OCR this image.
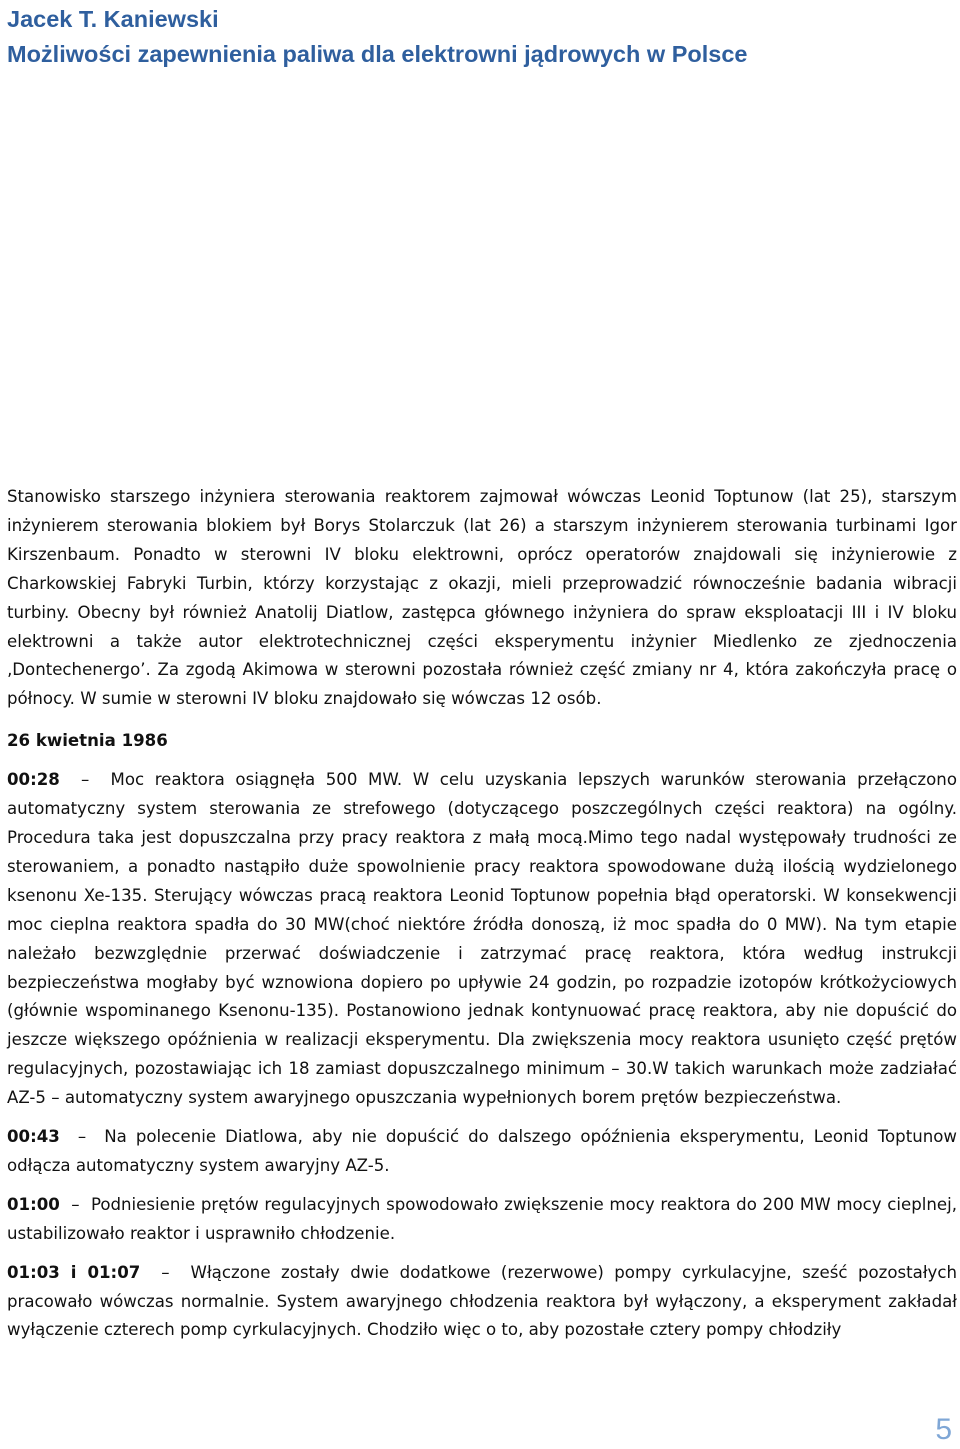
Jacek T. Kaniewski
Możliwości zapewnienia paliwa dla elektrowni jądrowych w Polsce

Stanowisko starszego inżyniera sterowania reaktorem zajmował wówczas Leonid Toptunow (lat 25), starszym inżynierem sterowania blokiem był Borys Stolarczuk (lat 26) a starszym inżynierem sterowania turbinami Igor Kirszenbaum. Ponadto w sterowni IV bloku elektrowni, oprócz operatorów znajdowali się inżynierowie z Charkowskiej Fabryki Turbin, którzy korzystając z okazji, mieli przeprowadzić równocześnie badania wibracji turbiny. Obecny był również Anatolij Diatlow, zastępca głównego inżyniera do spraw eksploatacji III i IV bloku elektrowni a także autor elektrotechnicznej części eksperymentu inżynier Miedlenko ze zjednoczenia ‚Dontechenergo’. Za zgodą Akimowa w sterowni pozostała również część zmiany nr 4, która zakończyła pracę o północy. W sumie w sterowni IV bloku znajdowało się wówczas 12 osób.

26 kwietnia 1986

00:28 – Moc reaktora osiągnęła 500 MW. W celu uzyskania lepszych warunków sterowania przełączono automatyczny system sterowania ze strefowego (dotyczącego poszczególnych części reaktora) na ogólny. Procedura taka jest dopuszczalna przy pracy reaktora z małą mocą.Mimo tego nadal występowały trudności ze sterowaniem, a ponadto nastąpiło duże spowolnienie pracy reaktora spowodowane dużą ilością wydzielonego ksenonu Xe-135. Sterujący wówczas pracą reaktora Leonid Toptunow popełnia błąd operatorski. W konsekwencji moc cieplna reaktora spadła do 30 MW(choć niektóre źródła donoszą, iż moc spadła do 0 MW). Na tym etapie należało bezwzględnie przerwać doświadczenie i zatrzymać pracę reaktora, która według instrukcji bezpieczeństwa mogłaby być wznowiona dopiero po upływie 24 godzin, po rozpadzie izotopów krótkożyciowych (głównie wspominanego Ksenonu-135). Postanowiono jednak kontynuować pracę reaktora, aby nie dopuścić do jeszcze większego opóźnienia w realizacji eksperymentu. Dla zwiększenia mocy reaktora usunięto część prętów regulacyjnych, pozostawiając ich 18 zamiast dopuszczalnego minimum – 30.W takich warunkach może zadziałać AZ-5 – automatyczny system awaryjnego opuszczania wypełnionych borem prętów bezpieczeństwa.

00:43 – Na polecenie Diatlowa, aby nie dopuścić do dalszego opóźnienia eksperymentu, Leonid Toptunow odłącza automatyczny system awaryjny AZ-5.

01:00 – Podniesienie prętów regulacyjnych spowodowało zwiększenie mocy reaktora do 200 MW mocy cieplnej, ustabilizowało reaktor i usprawniło chłodzenie.

01:03 i 01:07 – Włączone zostały dwie dodatkowe (rezerwowe) pompy cyrkulacyjne, sześć pozostałych pracowało wówczas normalnie. System awaryjnego chłodzenia reaktora był wyłączony, a eksperyment zakładał wyłączenie czterech pomp cyrkulacyjnych. Chodziło więc o to, aby pozostałe cztery pompy chłodziły

5
